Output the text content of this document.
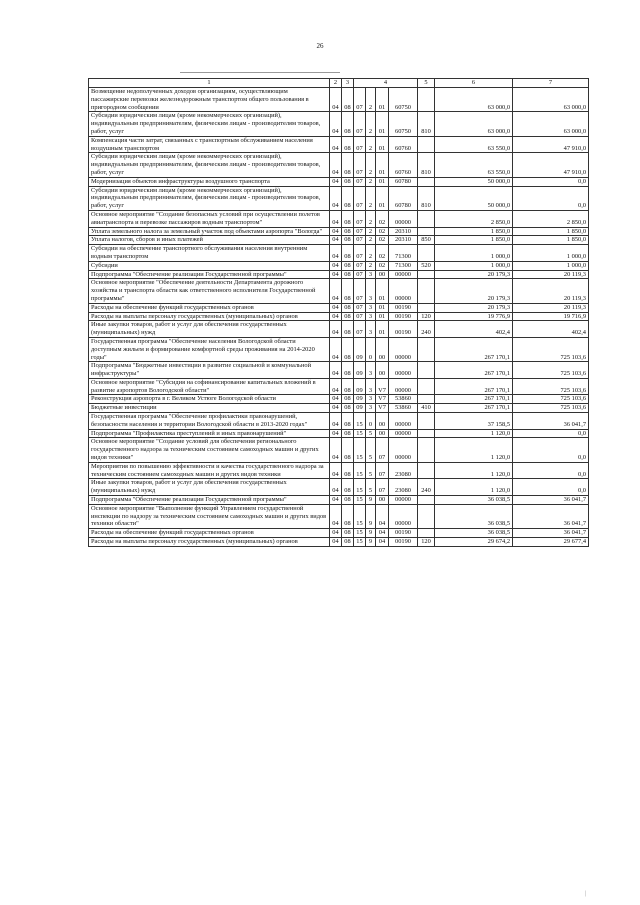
26
1	2	3	4				5	6	7
Возмещение недополученных доходов организациям, осуществляющим пассажирские перевозки железнодорожным транспортом общего пользования в пригородном сообщении	04	08	07	2	01	60750		63 000,0	63 000,0
Субсидии юридическим лицам (кроме некоммерческих организаций), индивидуальным предпринимателям, физическим лицам - производителям товаров, работ, услуг	04	08	07	2	01	60750	810	63 000,0	63 000,0
Компенсация части затрат, связанных с транспортным обслуживанием населения воздушным транспортом	04	08	07	2	01	60760		63 550,0	47 910,0
Субсидии юридическим лицам (кроме некоммерческих организаций), индивидуальным предпринимателям, физическим лицам - производителям товаров, работ, услуг	04	08	07	2	01	60760	810	63 550,0	47 910,0
Модернизация объектов инфраструктуры воздушного транспорта	04	08	07	2	01	60780		50 000,0	0,0
Субсидии юридическим лицам (кроме некоммерческих организаций), индивидуальным предпринимателям, физическим лицам - производителям товаров, работ, услуг	04	08	07	2	01	60780	810	50 000,0	0,0
Основное мероприятие "Создание безопасных условий при осуществлении полетов авиатранспорта и перевозке пассажиров водным транспортом"	04	08	07	2	02	00000		2 850,0	2 850,0
Уплата земельного налога за земельный участок под объектами аэропорта "Вологда"	04	08	07	2	02	20310		1 850,0	1 850,0
Уплата налогов, сборов и иных платежей	04	08	07	2	02	20310	850	1 850,0	1 850,0
Субсидии на обеспечение транспортного обслуживания населения внутренним водным транспортом	04	08	07	2	02	71300		1 000,0	1 000,0
Субсидии	04	08	07	2	02	71300	520	1 000,0	1 000,0
Подпрограмма "Обеспечение реализации Государственной программы"	04	08	07	3	00	00000		20 179,3	20 119,3
Основное мероприятие "Обеспечение деятельности Департамента дорожного хозяйства и транспорта области как ответственного исполнителя Государственной программы"	04	08	07	3	01	00000		20 179,3	20 119,3
Расходы на обеспечение функций государственных органов	04	08	07	3	01	00190		20 179,3	20 119,3
Расходы на выплаты персоналу государственных (муниципальных) органов	04	08	07	3	01	00190	120	19 776,9	19 716,9
Иные закупки товаров, работ и услуг для обеспечения государственных (муниципальных) нужд	04	08	07	3	01	00190	240	402,4	402,4
Государственная программа "Обеспечение населения Вологодской области доступным жильем и формирование комфортной среды проживания на 2014-2020 годы"	04	08	09	0	00	00000		267 170,1	725 103,6
Подпрограмма "Бюджетные инвестиции в развитие социальной и коммунальной инфраструктуры"	04	08	09	3	00	00000		267 170,1	725 103,6
Основное мероприятие "Субсидия на софинансирование капитальных вложений в развитие аэропортов Вологодской области"	04	08	09	3	V7	00000		267 170,1	725 103,6
Реконструкция аэропорта в г. Великом Устюге Вологодской области	04	08	09	3	V7	53860		267 170,1	725 103,6
Бюджетные инвестиции	04	08	09	3	V7	53860	410	267 170,1	725 103,6
Государственная программа "Обеспечение профилактики правонарушений, безопасности населения и территории Вологодской области в 2013-2020 годах"	04	08	15	0	00	00000		37 158,5	36 041,7
Подпрограмма "Профилактика преступлений и иных правонарушений"	04	08	15	5	00	00000		1 120,0	0,0
Основное мероприятие "Создание условий для обеспечения регионального государственного надзора за техническим состоянием самоходных машин и других видов техники"	04	08	15	5	07	00000		1 120,0	0,0
Мероприятия по повышению эффективности и качества государственного надзора за техническим состоянием самоходных машин и других видов техники	04	08	15	5	07	23080		1 120,0	0,0
Иные закупки товаров, работ и услуг для обеспечения государственных (муниципальных) нужд	04	08	15	5	07	23080	240	1 120,0	0,0
Подпрограмма "Обеспечение реализации Государственной программы"	04	08	15	9	00	00000		36 038,5	36 041,7
Основное мероприятие "Выполнение функций Управлением государственной инспекции по надзору за техническим состоянием самоходных машин и других видов техники области"	04	08	15	9	04	00000		36 038,5	36 041,7
Расходы на обеспечение функций государственных органов	04	08	15	9	04	00190		36 038,5	36 041,7
Расходы на выплаты персоналу государственных (муниципальных) органов	04	08	15	9	04	00190	120	29 674,2	29 677,4
|
